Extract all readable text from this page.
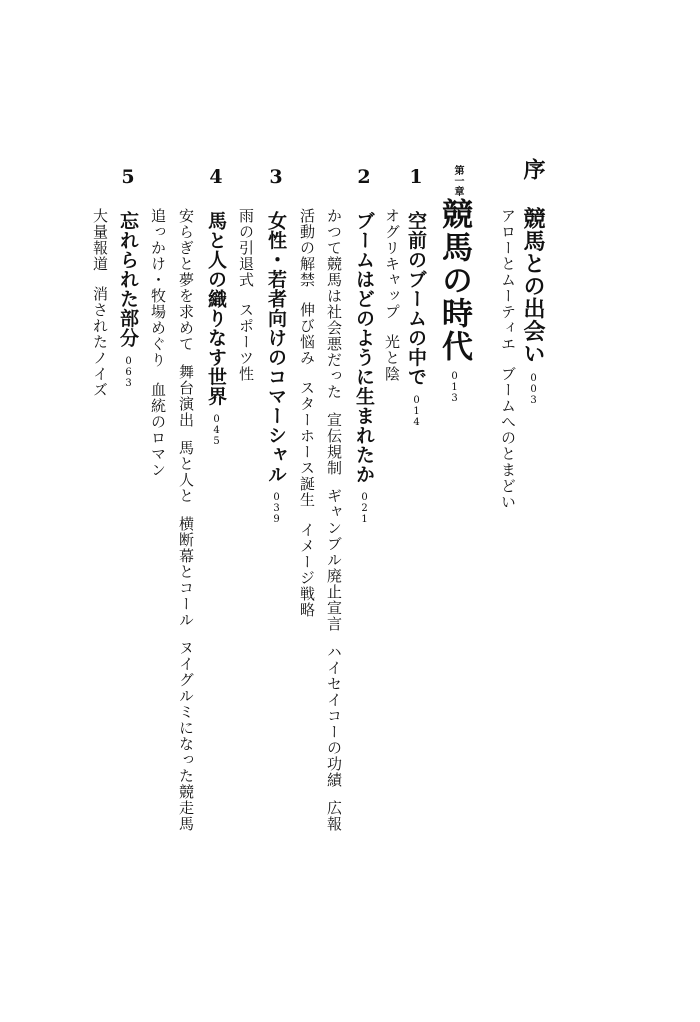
序 競馬との出会い003
アローとムーティエブームへのとまどい
第一章
競馬の時代013
1 空前のブームの中で014
オグリキャップ光と陰
2 ブームはどのように生まれたか021
かつて競馬は社会悪だった宣伝規制ギャンブル廃止宣言ハイセイコーの功績広報
活動の解禁伸び悩みスターホース誕生イメージ戦略
3 女性・若者向けのコマーシャル039
雨の引退式スポーツ性
4 馬と人の織りなす世界045
安らぎと夢を求めて舞台演出馬と人と横断幕とコールヌイグルミになった競走馬
追っかけ・牧場めぐり血統のロマン
5 忘れられた部分063
大量報道消されたノイズ
